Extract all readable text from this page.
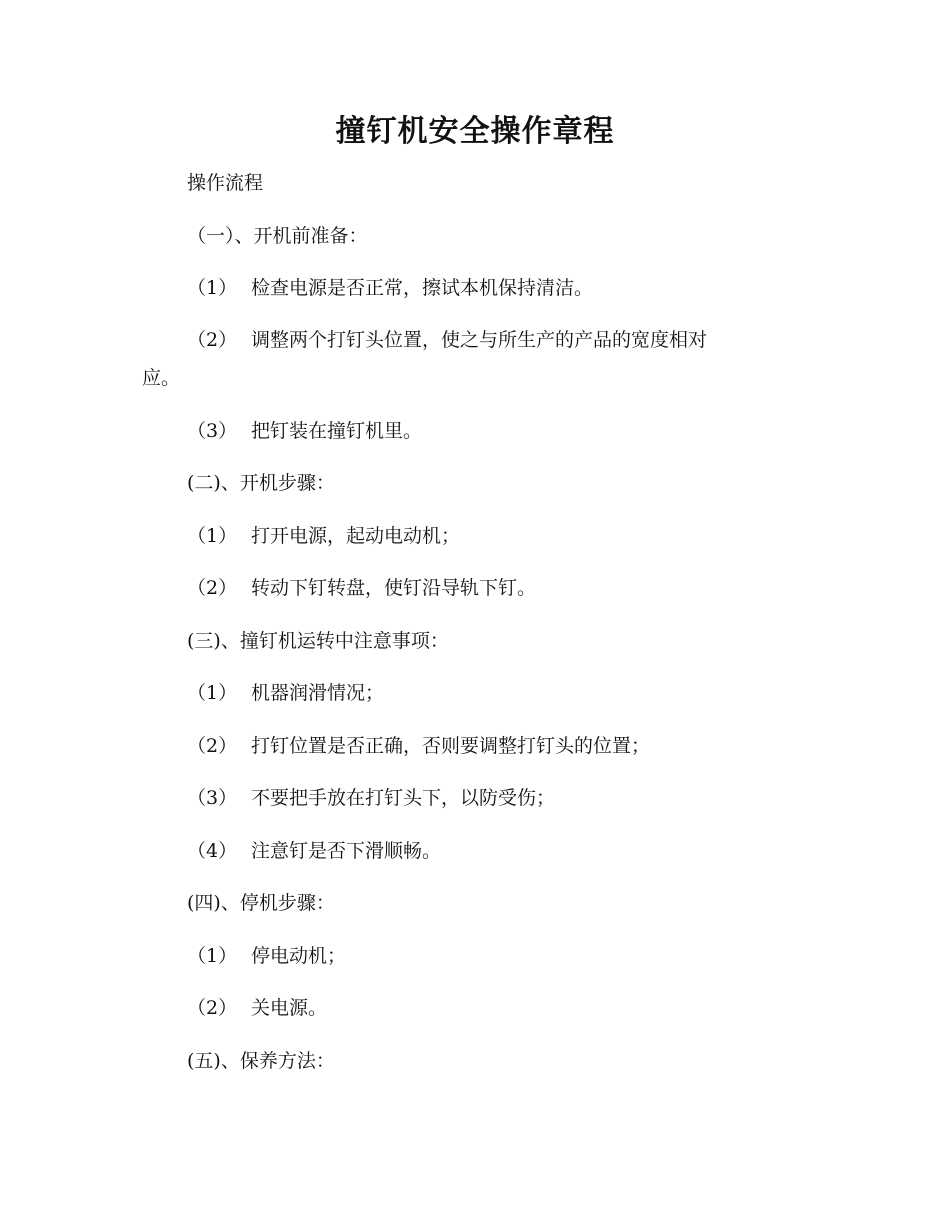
撞钉机安全操作章程
操作流程
（一）、开机前准备：
（1） 检查电源是否正常，擦试本机保持清洁。
（2） 调整两个打钉头位置，使之与所生产的产品的宽度相对
应。
（3） 把钉装在撞钉机里。
(二)、开机步骤：
（1） 打开电源，起动电动机；
（2） 转动下钉转盘，使钉沿导轨下钉。
(三)、撞钉机运转中注意事项：
（1） 机器润滑情况；
（2） 打钉位置是否正确，否则要调整打钉头的位置；
（3） 不要把手放在打钉头下，以防受伤；
（4） 注意钉是否下滑顺畅。
(四)、停机步骤：
（1） 停电动机；
（2） 关电源。
(五)、保养方法：
